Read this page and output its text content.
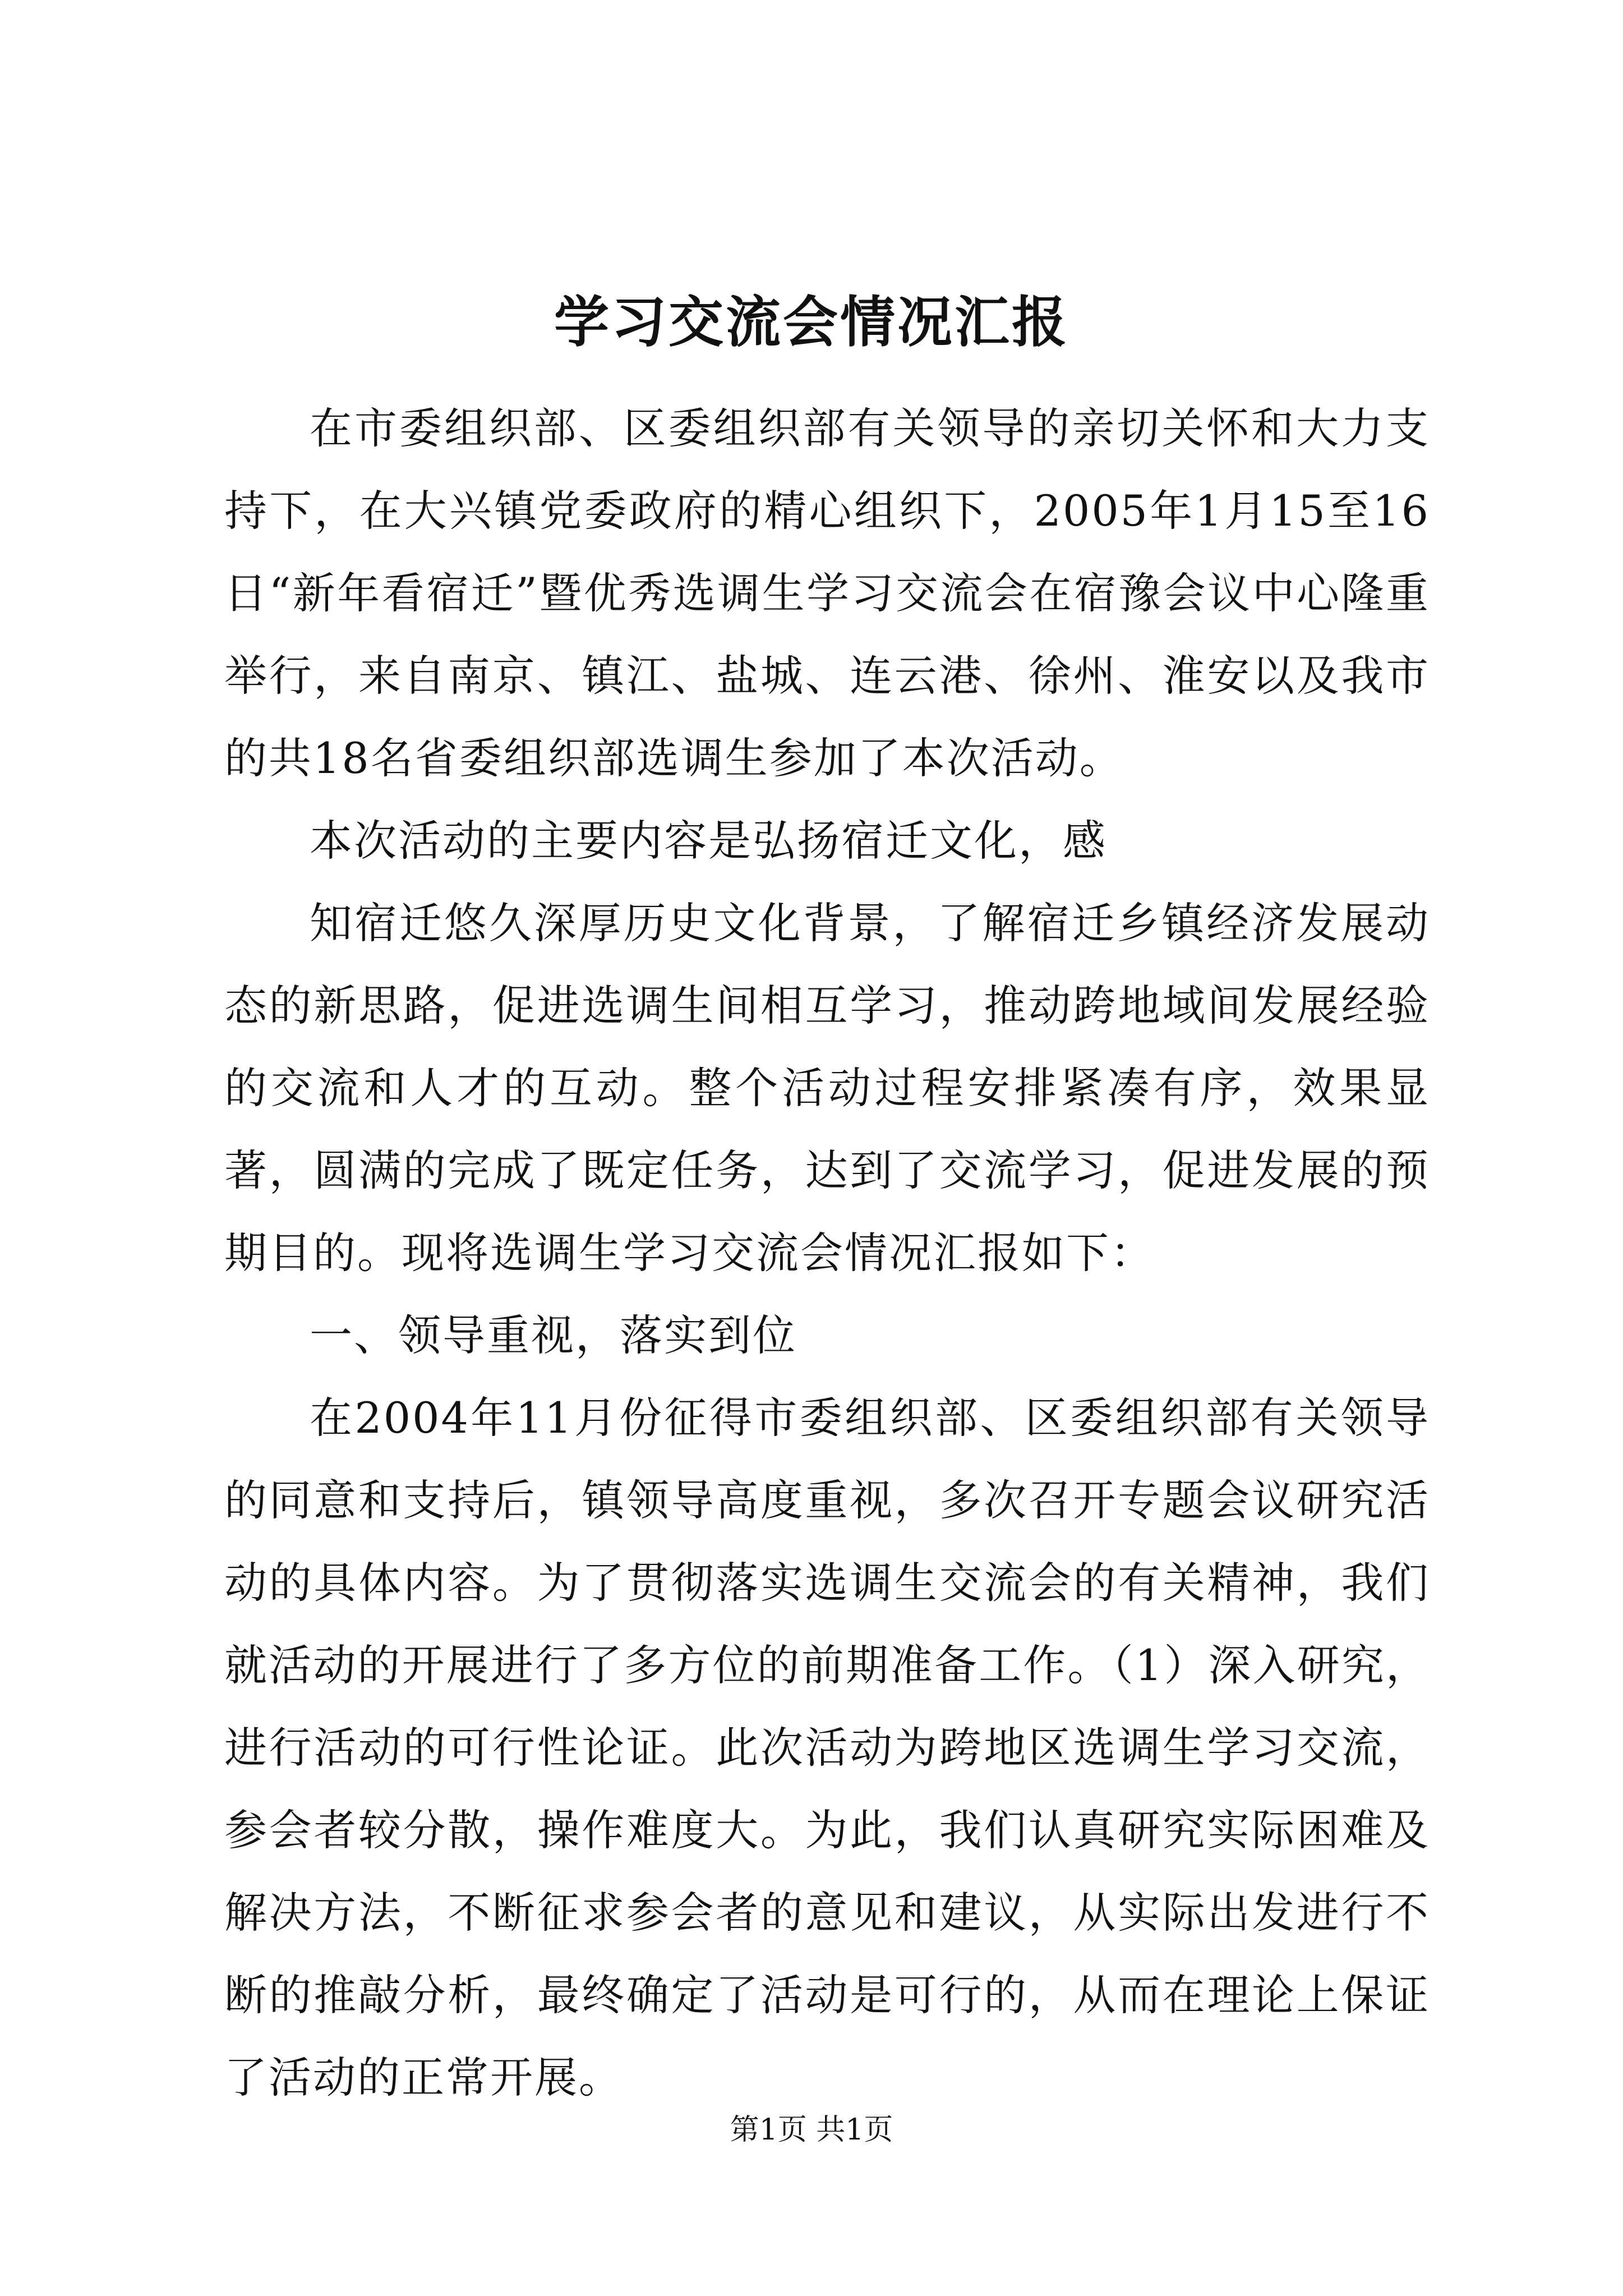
学习交流会情况汇报

在市委组织部、区委组织部有关领导的亲切关怀和大力支持下，在大兴镇党委政府的精心组织下，2005年1月15至16日“新年看宿迁”暨优秀选调生学习交流会在宿豫会议中心隆重举行，来自南京、镇江、盐城、连云港、徐州、淮安以及我市的共18名省委组织部选调生参加了本次活动。

本次活动的主要内容是弘扬宿迁文化，感

知宿迁悠久深厚历史文化背景，了解宿迁乡镇经济发展动态的新思路，促进选调生间相互学习，推动跨地域间发展经验的交流和人才的互动。整个活动过程安排紧凑有序，效果显著，圆满的完成了既定任务，达到了交流学习，促进发展的预期目的。现将选调生学习交流会情况汇报如下：

一、领导重视，落实到位

在2004年11月份征得市委组织部、区委组织部有关领导的同意和支持后，镇领导高度重视，多次召开专题会议研究活动的具体内容。为了贯彻落实选调生交流会的有关精神，我们就活动的开展进行了多方位的前期准备工作。（1）深入研究，进行活动的可行性论证。此次活动为跨地区选调生学习交流，参会者较分散，操作难度大。为此，我们认真研究实际困难及解决方法，不断征求参会者的意见和建议，从实际出发进行不断的推敲分析，最终确定了活动是可行的，从而在理论上保证了活动的正常开展。

第1页 共1页
